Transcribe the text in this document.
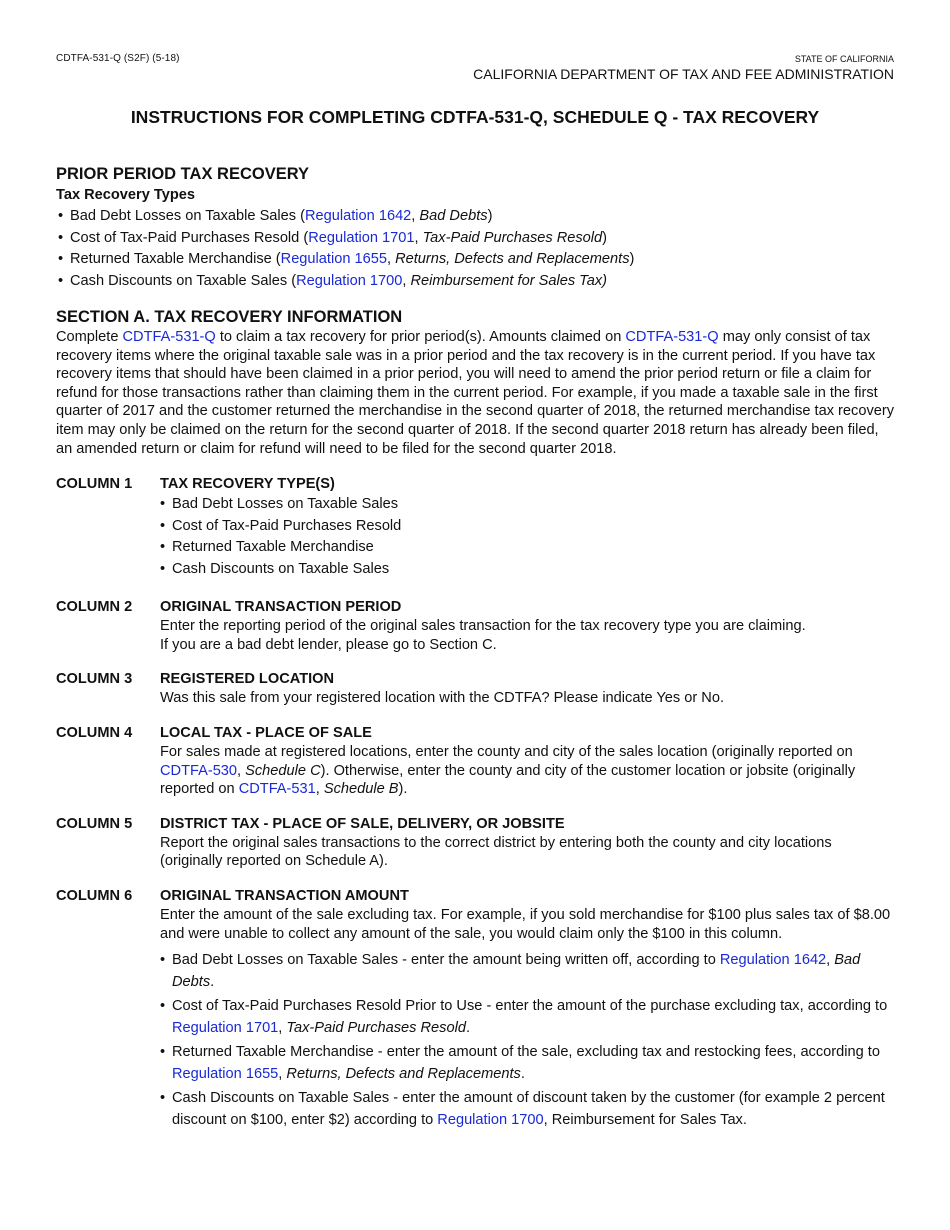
CDTFA-531-Q (S2F) (5-18)	STATE OF CALIFORNIA
CALIFORNIA DEPARTMENT OF TAX AND FEE ADMINISTRATION
INSTRUCTIONS FOR COMPLETING CDTFA-531-Q, SCHEDULE Q - TAX RECOVERY
PRIOR PERIOD TAX RECOVERY
Tax Recovery Types
• Bad Debt Losses on Taxable Sales (Regulation 1642, Bad Debts)
• Cost of Tax-Paid Purchases Resold (Regulation 1701, Tax-Paid Purchases Resold)
• Returned Taxable Merchandise (Regulation 1655, Returns, Defects and Replacements)
• Cash Discounts on Taxable Sales (Regulation 1700, Reimbursement for Sales Tax)
SECTION A. TAX RECOVERY INFORMATION

Complete CDTFA-531-Q to claim a tax recovery for prior period(s). Amounts claimed on CDTFA-531-Q may only consist of tax recovery items where the original taxable sale was in a prior period and the tax recovery is in the current period. If you have tax recovery items that should have been claimed in a prior period, you will need to amend the prior period return or file a claim for refund for those transactions rather than claiming them in the current period. For example, if you made a taxable sale in the first quarter of 2017 and the customer returned the merchandise in the second quarter of 2018, the returned merchandise tax recovery item may only be claimed on the return for the second quarter of 2018. If the second quarter 2018 return has already been filed, an amended return or claim for refund will need to be filed for the second quarter 2018.

COLUMN 1	TAX RECOVERY TYPE(S)
• Bad Debt Losses on Taxable Sales
• Cost of Tax-Paid Purchases Resold
• Returned Taxable Merchandise
• Cash Discounts on Taxable Sales
COLUMN 2	ORIGINAL TRANSACTION PERIOD

Enter the reporting period of the original sales transaction for the tax recovery type you are claiming.

If you are a bad debt lender, please go to Section C.

COLUMN 3	REGISTERED LOCATION

Was this sale from your registered location with the CDTFA? Please indicate Yes or No.

COLUMN 4	LOCAL TAX - PLACE OF SALE

For sales made at registered locations, enter the county and city of the sales location (originally reported on CDTFA-530, Schedule C). Otherwise, enter the county and city of the customer location or jobsite (originally reported on CDTFA-531, Schedule B).

COLUMN 5	DISTRICT TAX - PLACE OF SALE, DELIVERY, OR JOBSITE

Report the original sales transactions to the correct district by entering both the county and city locations (originally reported on Schedule A).

COLUMN 6	ORIGINAL TRANSACTION AMOUNT

Enter the amount of the sale excluding tax. For example, if you sold merchandise for $100 plus sales tax of $8.00 and were unable to collect any amount of the sale, you would claim only the $100 in this column.

• Bad Debt Losses on Taxable Sales - enter the amount being written off, according to Regulation 1642, Bad Debts.
• Cost of Tax-Paid Purchases Resold Prior to Use - enter the amount of the purchase excluding tax, according to Regulation 1701, Tax-Paid Purchases Resold.
• Returned Taxable Merchandise - enter the amount of the sale, excluding tax and restocking fees, according to Regulation 1655, Returns, Defects and Replacements.
• Cash Discounts on Taxable Sales - enter the amount of discount taken by the customer (for example 2 percent discount on $100, enter $2) according to Regulation 1700, Reimbursement for Sales Tax.
